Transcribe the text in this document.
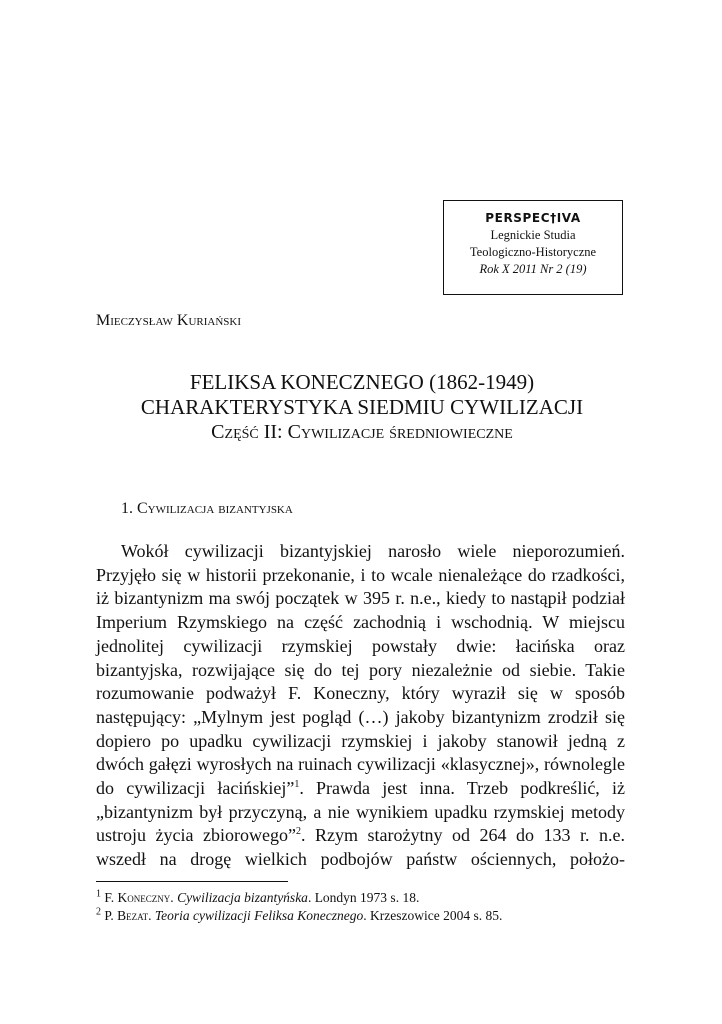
PERSPEC†IVA
Legnickie Studia
Teologiczno-Historyczne
Rok X 2011 Nr 2 (19)
Mieczysław Kuriański
FELIKSA KONECZNEGO (1862-1949)
CHARAKTERYSTYKA SIEDMIU CYWILIZACJI
Część II: Cywilizacje średniowieczne
1. Cywilizacja bizantyjska

Wokół cywilizacji bizantyjskiej narosło wiele nieporozumień. Przyjęło się w historii przekonanie, i to wcale nienależące do rzadkości, iż bizantynizm ma swój początek w 395 r. n.e., kiedy to nastąpił podział Imperium Rzymskiego na część zachodnią i wschodnią. W miejscu jednolitej cywilizacji rzymskiej powstały dwie: łacińska oraz bizantyjska, rozwijające się do tej pory niezależnie od siebie. Takie rozumowanie podważył F. Koneczny, który wyraził się w sposób następujący: „Mylnym jest pogląd (…) jakoby bizantynizm zrodził się dopiero po upadku cywilizacji rzymskiej i jakoby stanowił jedną z dwóch gałęzi wyrosłych na ruinach cywilizacji «klasycznej», równolegle do cywilizacji łacińskiej”$^1$. Prawda jest inna. Trzeb podkreślić, iż „bizantynizm był przyczyną, a nie wynikiem upadku rzymskiej metody ustroju życia zbiorowego”$^2$. Rzym starożytny od 264 do 133 r. n.e. wszedł na drogę wielkich podbojów państw ościennych, położo-

$^1$ F. Koneczny. Cywilizacja bizantyńska. Londyn 1973 s. 18.
$^2$ P. Bezat. Teoria cywilizacji Feliksa Konecznego. Krzeszowice 2004 s. 85.
